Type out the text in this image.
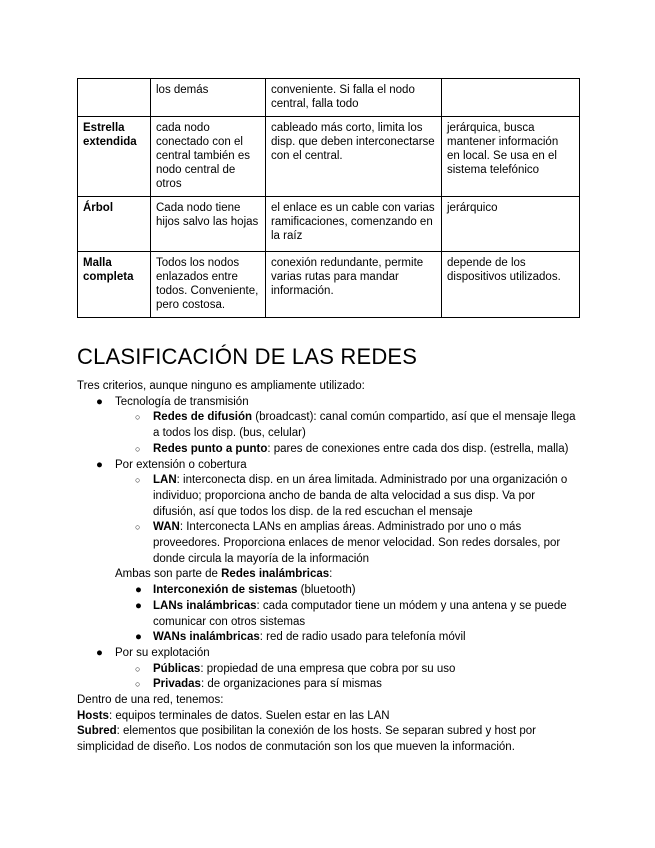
	los demás	conveniente. Si falla el nodo central, falla todo	
Estrella extendida	cada nodo conectado con el central también es nodo central de otros	cableado más corto, limita los disp. que deben interconectarse con el central.	jerárquica, busca mantener información en local. Se usa en el sistema telefónico
Árbol	Cada nodo tiene hijos salvo las hojas	el enlace es un cable con varias ramificaciones, comenzando en la raíz	jerárquico
Malla completa	Todos los nodos enlazados entre todos. Conveniente, pero costosa.	conexión redundante, permite varias rutas para mandar información.	depende de los dispositivos utilizados.
CLASIFICACIÓN DE LAS REDES

Tres criterios, aunque ninguno es ampliamente utilizado:

● Tecnología de transmisión
○ Redes de difusión (broadcast): canal común compartido, así que el mensaje llega a todos los disp. (bus, celular)
○ Redes punto a punto: pares de conexiones entre cada dos disp. (estrella, malla)
● Por extensión o cobertura
○ LAN: interconecta disp. en un área limitada. Administrado por una organización o individuo; proporciona ancho de banda de alta velocidad a sus disp. Va por difusión, así que todos los disp. de la red escuchan el mensaje
○ WAN: Interconecta LANs en amplias áreas. Administrado por uno o más proveedores. Proporciona enlaces de menor velocidad. Son redes dorsales, por donde circula la mayoría de la información
Ambas son parte de Redes inalámbricas:
● Interconexión de sistemas (bluetooth)
● LANs inalámbricas: cada computador tiene un módem y una antena y se puede comunicar con otros sistemas
● WANs inalámbricas: red de radio usado para telefonía móvil
● Por su explotación
○ Públicas: propiedad de una empresa que cobra por su uso
○ Privadas: de organizaciones para sí mismas

Dentro de una red, tenemos:

Hosts: equipos terminales de datos. Suelen estar en las LAN

Subred: elementos que posibilitan la conexión de los hosts. Se separan subred y host por simplicidad de diseño. Los nodos de conmutación son los que mueven la información.
